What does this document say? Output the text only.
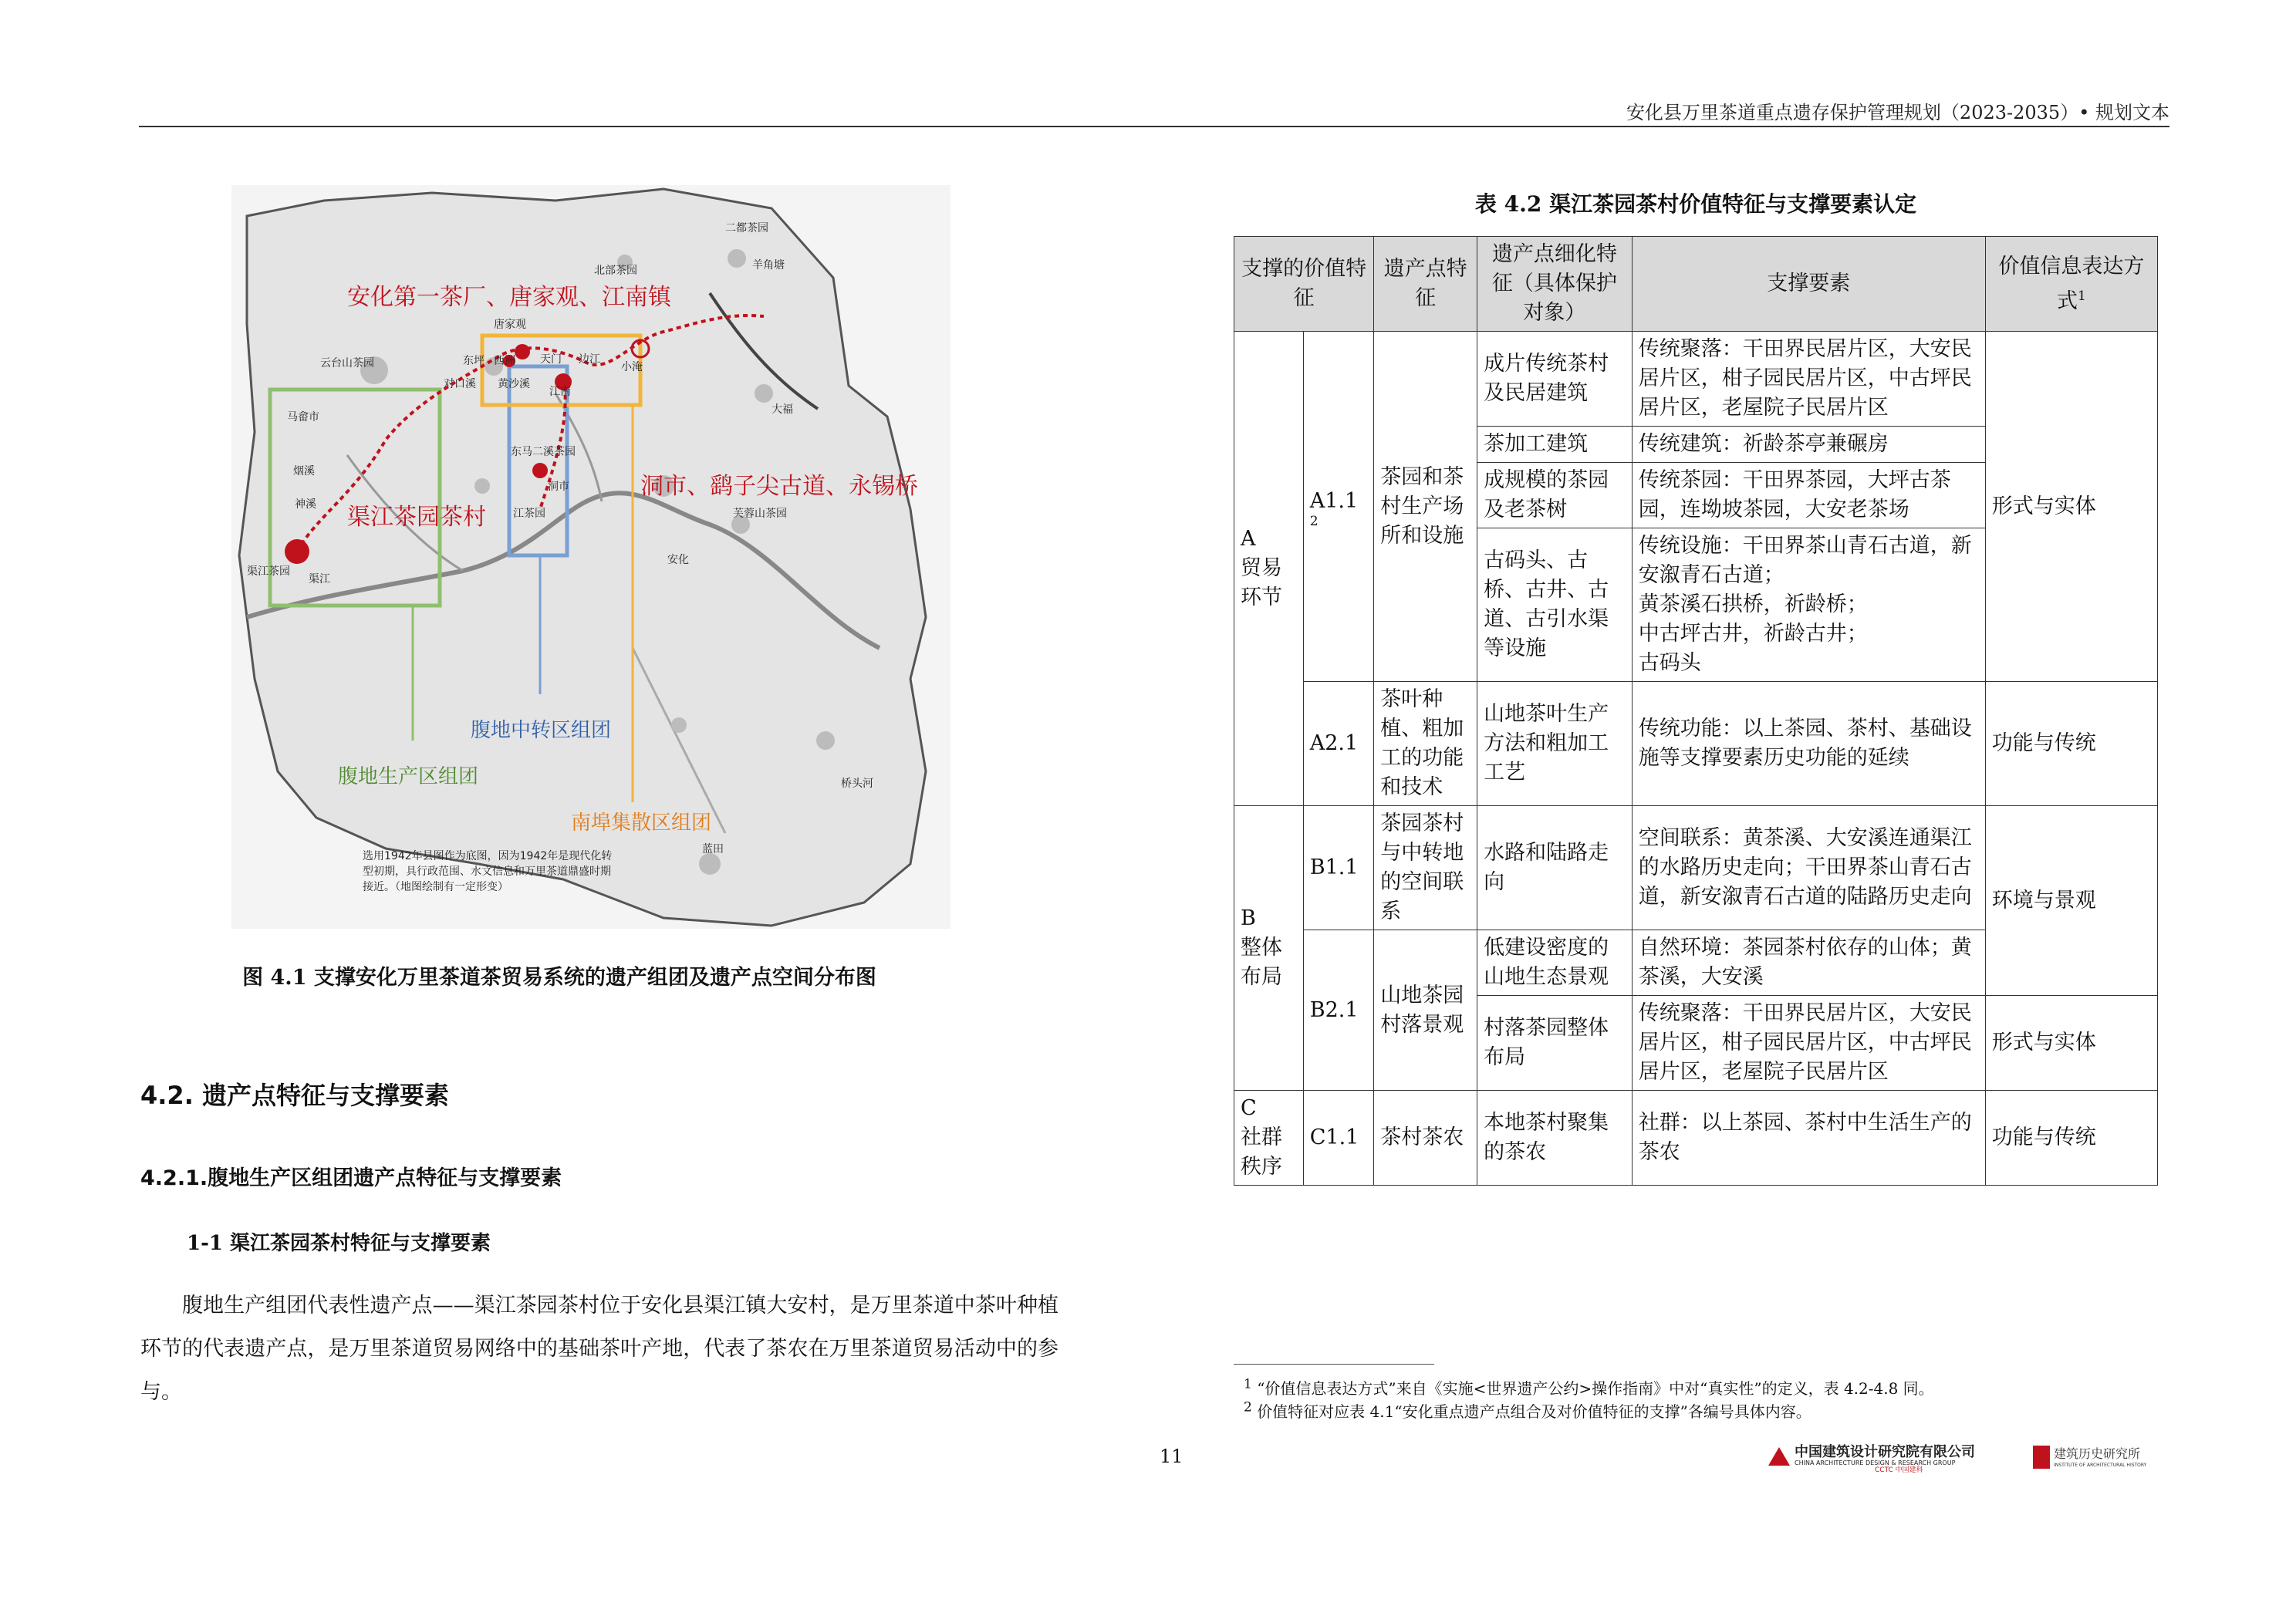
安化县万里茶道重点遗存保护管理规划（2023-2035）• 规划文本
二都茶园
羊角塘
北部茶园
唐家观
云台山茶园	东坪 西洲 天门 边江
小淹
对口溪 黄沙溪
江南
马畲市
大福
烟溪
东马二溪茶园
洞市
神溪
江茶园	芙蓉山茶园
渠江茶园
渠江
安化
桥头河
蓝田
安化第一茶厂、唐家观、江南镇
洞市、鹞子尖古道、永锡桥
渠江茶园茶村
腹地中转区组团
腹地生产区组团
南埠集散区组团
选用1942年县图作为底图，因为1942年是现代化转型初期，具行政范围、水文信息和万里茶道鼎盛时期接近。（地图绘制有一定形变）
图 4.1 支撑安化万里茶道茶贸易系统的遗产组团及遗产点空间分布图
4.2. 遗产点特征与支撑要素
4.2.1.腹地生产区组团遗产点特征与支撑要素
1-1 渠江茶园茶村特征与支撑要素
腹地生产组团代表性遗产点——渠江茶园茶村位于安化县渠江镇大安村，是万里茶道中茶叶种植环节的代表遗产点，是万里茶道贸易网络中的基础茶叶产地，代表了茶农在万里茶道贸易活动中的参与。
11
表 4.2 渠江茶园茶村价值特征与支撑要素认定
支撑的价值特征		遗产点特征	遗产点细化特征（具体保护对象）	支撑要素	价值信息表达方式$^1$
A
贸易
环节	A1.1
2	茶园和茶村生产场所和设施	成片传统茶村及民居建筑	传统聚落：干田界民居片区，大安民居片区，柑子园民居片区，中古坪民居片区，老屋院子民居片区	形式与实体
			茶加工建筑	传统建筑：祈龄茶亭兼碾房	
			成规模的茶园及老茶树	传统茶园：干田界茶园，大坪古茶园，连坳坡茶园，大安老茶场	
			古码头、古桥、古井、古道、古引水渠等设施	传统设施：干田界茶山青石古道，新安溆青石古道；
黄茶溪石拱桥，祈龄桥；
中古坪古井，祈龄古井；
古码头	
	A2.1	茶叶种植、粗加工的功能和技术	山地茶叶生产方法和粗加工工艺	传统功能：以上茶园、茶村、基础设施等支撑要素历史功能的延续	功能与传统
B
整体
布局	B1.1	茶园茶村与中转地的空间联系	水路和陆路走向	空间联系：黄茶溪、大安溪连通渠江的水路历史走向；干田界茶山青石古道，新安溆青石古道的陆路历史走向	环境与景观
	B2.1	山地茶园村落景观	低建设密度的山地生态景观	自然环境：茶园茶村依存的山体；黄茶溪，大安溪	
			村落茶园整体布局	传统聚落：干田界民居片区，大安民居片区，柑子园民居片区，中古坪民居片区，老屋院子民居片区	形式与实体
C
社群
秩序	C1.1	茶村茶农	本地茶村聚集的茶农	社群：以上茶园、茶村中生活生产的茶农	功能与传统
$^1$ “价值信息表达方式”来自《实施<世界遗产公约>操作指南》中对“真实性”的定义，表 4.2-4.8 同。
$^2$ 价值特征对应表 4.1“安化重点遗产点组合及对价值特征的支撑”各编号具体内容。
中国建筑设计研究院有限公司
CHINA ARCHITECTURE DESIGN & RESEARCH GROUP
CCTC 中国建科
建筑历史研究所
INSTITUTE OF ARCHITECTURAL HISTORY
